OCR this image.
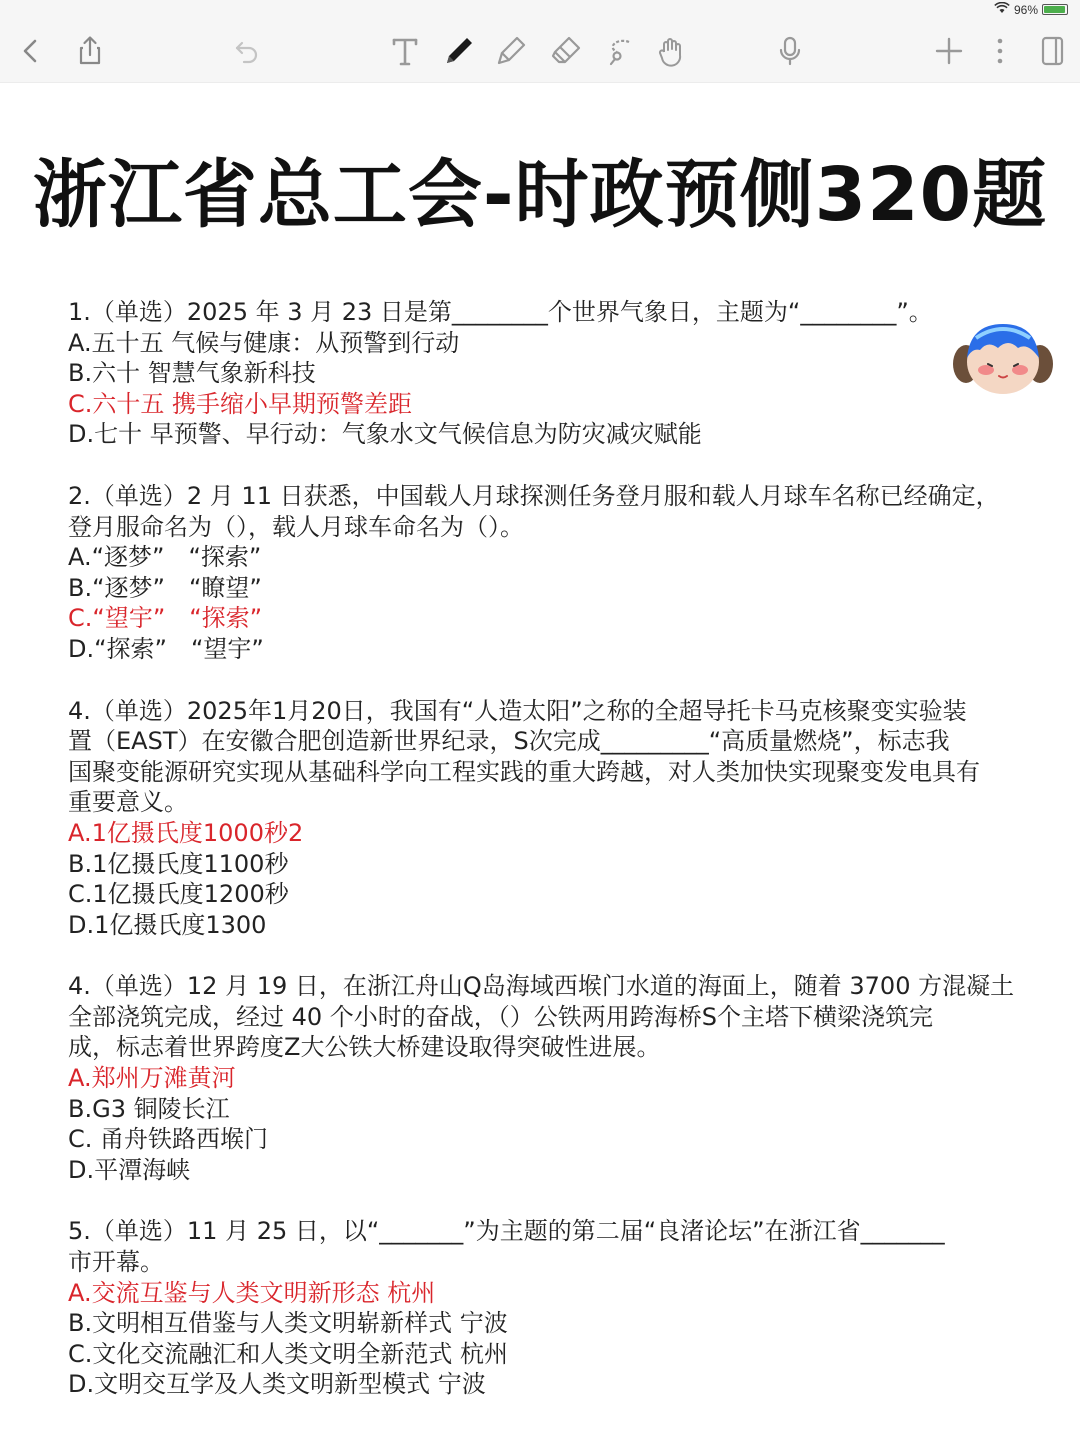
96%
浙江省总工会-时政预侧320题
1.（单选）2025 年 3 月 23 日是第________个世界气象日，主题为“________”。
A.五十五 气候与健康：从预警到行动
B.六十 智慧气象新科技
C.六十五 携手缩小早期预警差距
D.七十 早预警、早行动：气象水文气候信息为防灾减灾赋能
2.（单选）2 月 11 日获悉，中国载人月球探测任务登月服和载人月球车名称已经确定，
登月服命名为（），载人月球车命名为（）。
A.“逐梦”　“探索”
B.“逐梦”　“瞭望”
C.“望宇”　“探索”
D.“探索”　“望宇”
4.（单选）2025年1月20日，我国有“人造太阳”之称的全超导托卡马克核聚变实验装
置（EAST）在安徽合肥创造新世界纪录，S次完成_________“高质量燃烧”，标志我
国聚变能源研究实现从基础科学向工程实践的重大跨越，对人类加快实现聚变发电具有
重要意义。
A.1亿摄氏度1000秒2
B.1亿摄氏度1100秒
C.1亿摄氏度1200秒
D.1亿摄氏度1300
4.（单选）12 月 19 日，在浙江舟山Q岛海域西堠门水道的海面上，随着 3700 方混凝土
全部浇筑完成，经过 40 个小时的奋战，（）公铁两用跨海桥S个主塔下横梁浇筑完
成，标志着世界跨度Z大公铁大桥建设取得突破性进展。
A.郑州万滩黄河
B.G3 铜陵长江
C. 甬舟铁路西堠门
D.平潭海峡
5.（单选）11 月 25 日，以“_______”为主题的第二届“良渚论坛”在浙江省_______
市开幕。
A.交流互鉴与人类文明新形态 杭州
B.文明相互借鉴与人类文明崭新样式 宁波
C.文化交流融汇和人类文明全新范式 杭州
D.文明交互学及人类文明新型模式 宁波
